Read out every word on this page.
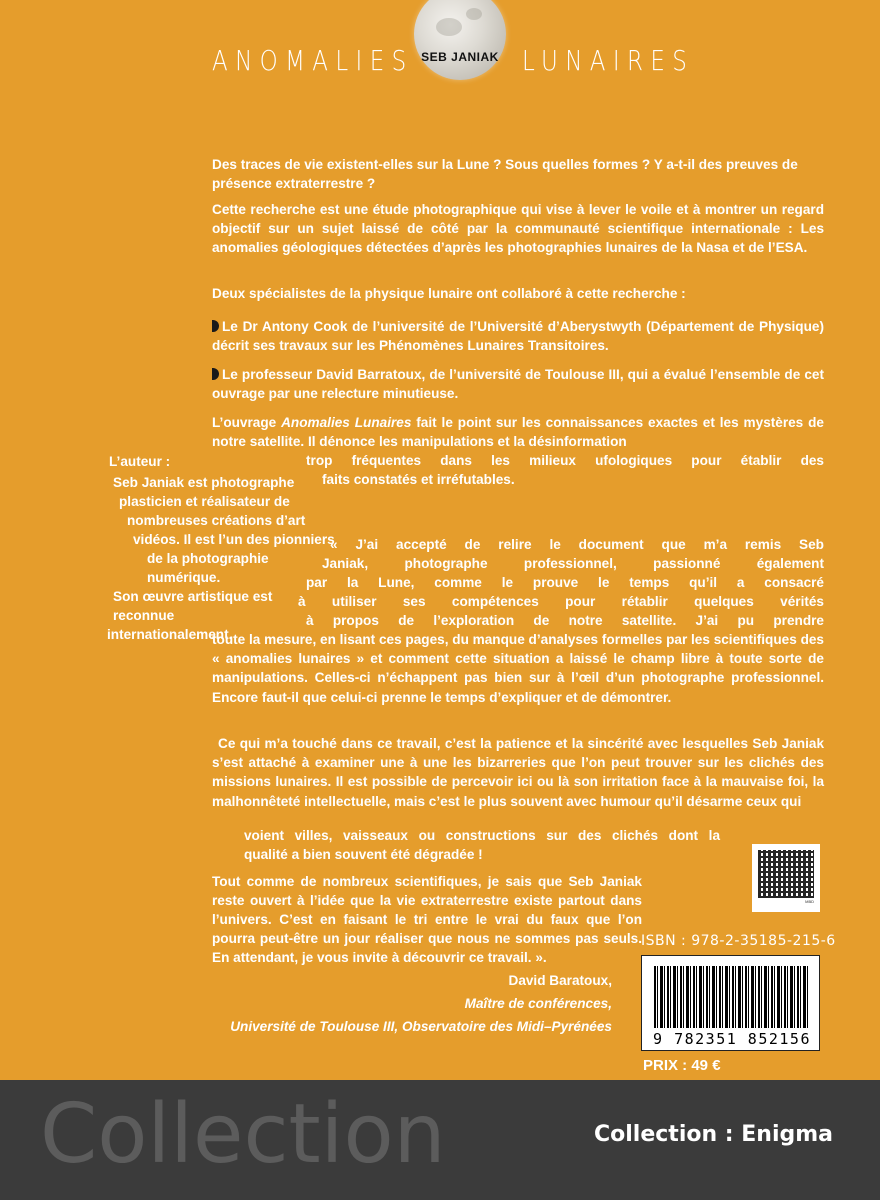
ANOMALIES SEB JANIAK LUNAIRES
Des traces de vie existent-elles sur la Lune ? Sous quelles formes ? Y a-t-il des preuves de présence extraterrestre ?
Cette recherche est une étude photographique qui vise à lever le voile et à montrer un regard objectif sur un sujet laissé de côté par la communauté scientifique internationale : Les anomalies géologiques détectées d’après les photographies lunaires de la Nasa et de l’ESA.
Deux spécialistes de la physique lunaire ont collaboré à cette recherche :
Le Dr Antony Cook de l’université de l’Université d’Aberystwyth (Département de Physique) décrit ses travaux sur les Phénomènes Lunaires Transitoires.
Le professeur David Barratoux, de l’université de Toulouse III, qui a évalué l’ensemble de cet ouvrage par une relecture minutieuse.
L’ouvrage Anomalies Lunaires fait le point sur les connaissances exactes et les mystères de notre satellite. Il dénonce les manipulations et la désinformation
trop fréquentes dans les milieux ufologiques pour établir des
faits constatés et irréfutables.
L’auteur :
Seb Janiak est photographe
plasticien et réalisateur de
nombreuses créations d’art
vidéos. Il est l’un des pionniers
de la photographie numérique.
Son œuvre artistique est reconnue
internationalement.
« J’ai accepté de relire le document que m’a remis Seb
Janiak, photographe professionnel, passionné également
par la Lune, comme le prouve le temps qu’il a consacré
à utiliser ses compétences pour rétablir quelques vérités
à propos de l’exploration de notre satellite. J’ai pu prendre
toute la mesure, en lisant ces pages, du manque d’analyses formelles par les scientifiques des « anomalies lunaires » et comment cette situation a laissé le champ libre à toute sorte de manipulations. Celles-ci n’échappent pas bien sur à l’œil d’un photographe professionnel. Encore faut-il que celui-ci prenne le temps d’expliquer et de démontrer.
Ce qui m’a touché dans ce travail, c’est la patience et la sincérité avec lesquelles Seb Janiak s’est attaché à examiner une à une les bizarreries que l’on peut trouver sur les clichés des missions lunaires. Il est possible de percevoir ici ou là son irritation face à la mauvaise foi, la malhonnêteté intellectuelle, mais c’est le plus souvent avec humour qu’il désarme ceux qui
voient villes, vaisseaux ou constructions sur des clichés dont la
qualité a bien souvent été dégradée !
Tout comme de nombreux scientifiques, je sais que Seb Janiak
reste ouvert à l’idée que la vie extraterrestre existe partout dans
l’univers. C’est en faisant le tri entre le vrai du faux que l’on
pourra peut-être un jour réaliser que nous ne sommes pas seuls.
En attendant, je vous invite à découvrir ce travail. ».
David Baratoux,
Maître de conférences,
Université de Toulouse III, Observatoire des Midi–Pyrénées
MBD
ISBN : 978-2-35185-215-6
9 782351 852156
PRIX : 49 €
Collection	Collection : Enigma
